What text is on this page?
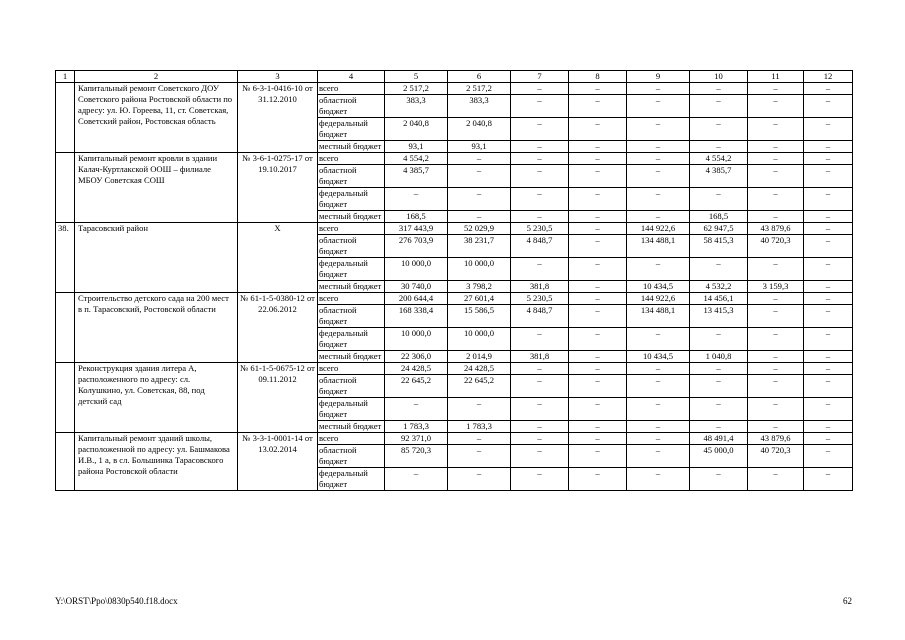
1	2	3	4	5	6	7	8	9	10	11	12
	Капитальный ремонт Советского ДОУ Советского района Ростовской области по адресу: ул. Ю. Гореева, 11, ст. Советская, Советский район, Ростовская область	№ 6-3-1-0416-10 от 31.12.2010	всего	2 517,2	2 517,2	–	–	–	–	–	–
			областной бюджет	383,3	383,3	–	–	–	–	–	–
			федеральный бюджет	2 040,8	2 040,8	–	–	–	–	–	–
			местный бюджет	93,1	93,1	–	–	–	–	–	–
	Капитальный ремонт кровли в здании Калач-Куртлакской ООШ – филиале МБОУ Советская СОШ	№ 3-6-1-0275-17 от 19.10.2017	всего	4 554,2	–	–	–	–	4 554,2	–	–
			областной бюджет	4 385,7	–	–	–	–	4 385,7	–	–
			федеральный бюджет	–	–	–	–	–	–	–	–
			местный бюджет	168,5	–	–	–	–	168,5	–	–
38.	Тарасовский район	Х	всего	317 443,9	52 029,9	5 230,5	–	144 922,6	62 947,5	43 879,6	–
			областной бюджет	276 703,9	38 231,7	4 848,7	–	134 488,1	58 415,3	40 720,3	–
			федеральный бюджет	10 000,0	10 000,0	–	–	–	–	–	–
			местный бюджет	30 740,0	3 798,2	381,8	–	10 434,5	4 532,2	3 159,3	–
	Строительство детского сада на 200 мест в п. Тарасовский, Ростовской области	№ 61-1-5-0380-12 от 22.06.2012	всего	200 644,4	27 601,4	5 230,5	–	144 922,6	14 456,1	–	–
			областной бюджет	168 338,4	15 586,5	4 848,7	–	134 488,1	13 415,3	–	–
			федеральный бюджет	10 000,0	10 000,0	–	–	–	–	–	–
			местный бюджет	22 306,0	2 014,9	381,8	–	10 434,5	1 040,8	–	–
	Реконструкция здания литера А, расположенного по адресу: сл. Колушкино, ул. Советская, 88, под детский сад	№ 61-1-5-0675-12 от 09.11.2012	всего	24 428,5	24 428,5	–	–	–	–	–	–
			областной бюджет	22 645,2	22 645,2	–	–	–	–	–	–
			федеральный бюджет	–	–	–	–	–	–	–	–
			местный бюджет	1 783,3	1 783,3	–	–	–	–	–	–
	Капитальный ремонт зданий школы, расположенной по адресу: ул. Башмакова И.В., 1 а, в сл. Большинка Тарасовского района Ростовской области	№ 3-3-1-0001-14 от 13.02.2014	всего	92 371,0	–	–	–	–	48 491,4	43 879,6	–
			областной бюджет	85 720,3	–	–	–	–	45 000,0	40 720,3	–
			федеральный бюджет	–	–	–	–	–	–	–	–
Y:\ORST\Ppo\0830p540.f18.docx	62
